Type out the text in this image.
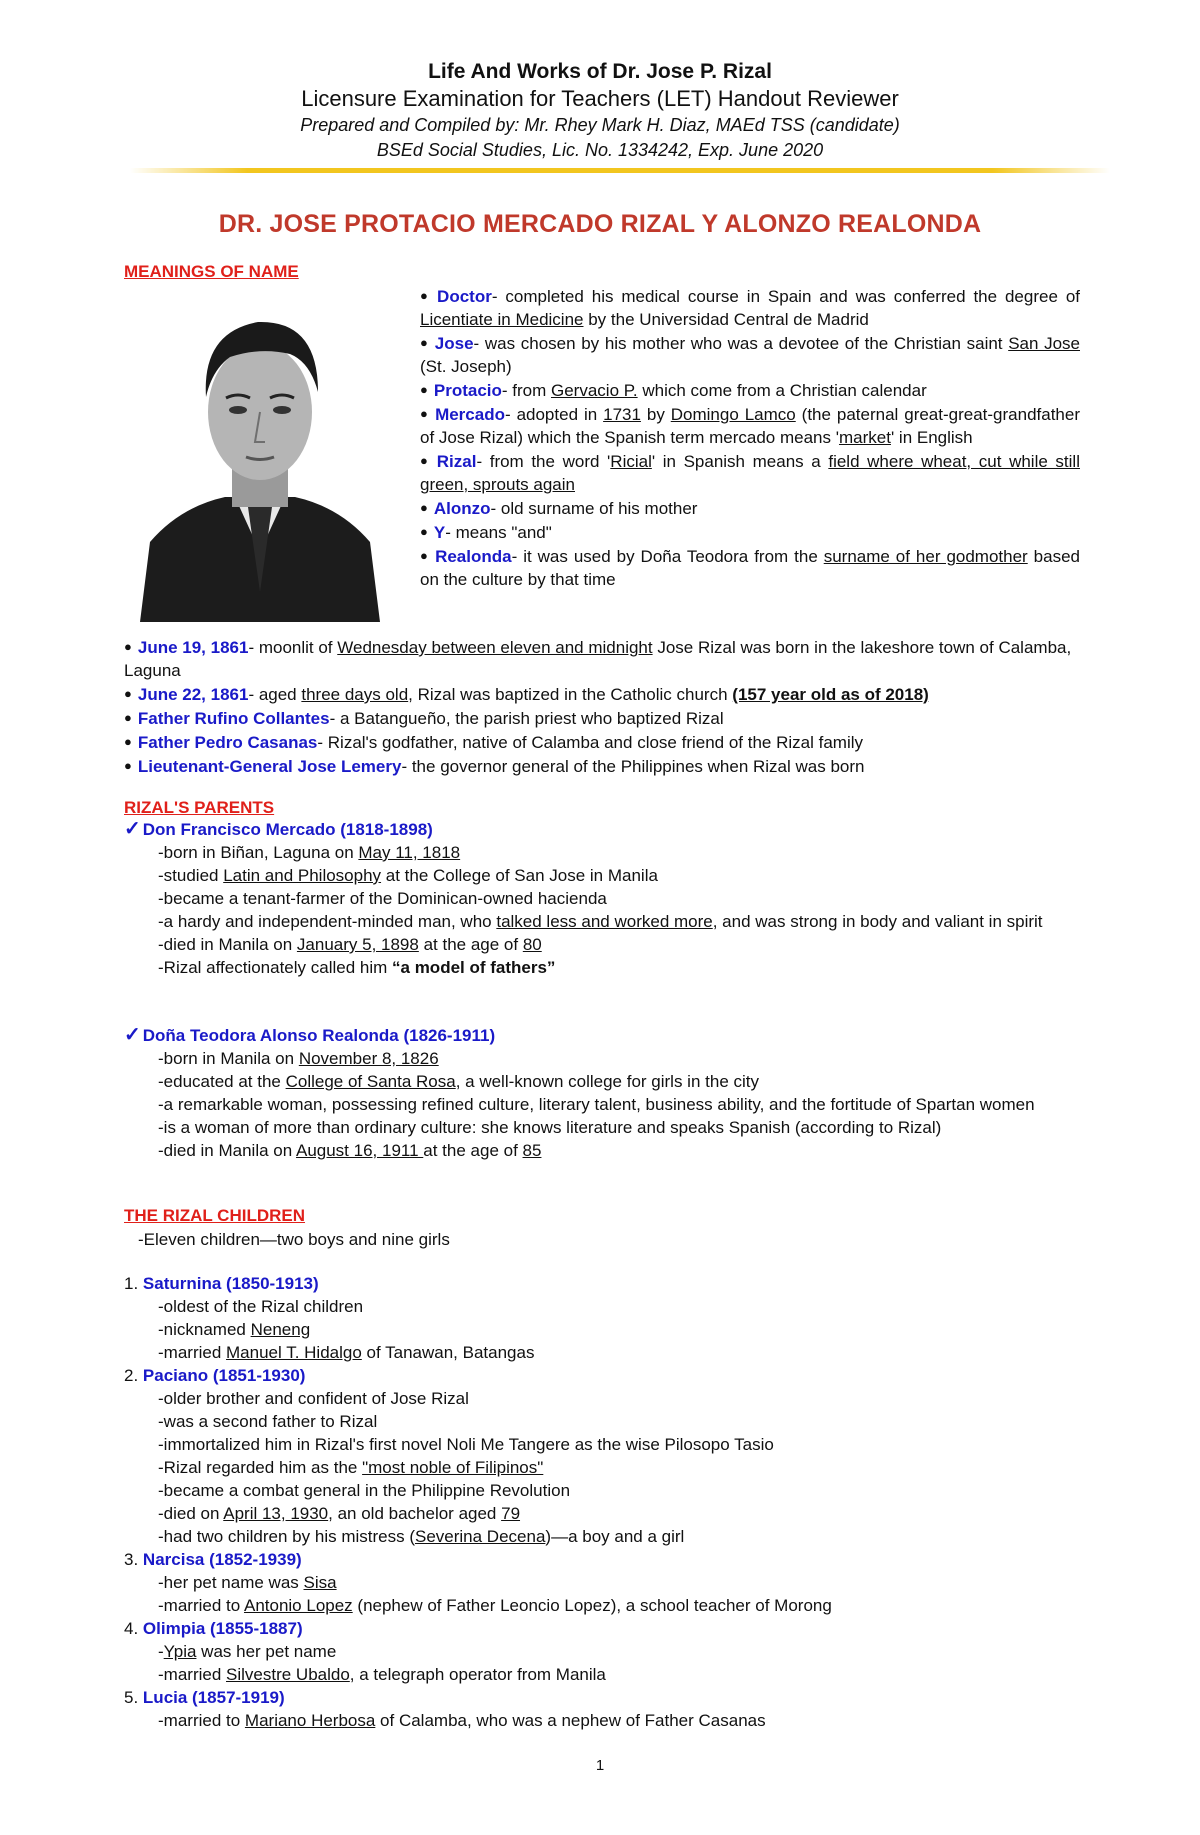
Life And Works of Dr. Jose P. Rizal
Licensure Examination for Teachers (LET) Handout Reviewer
Prepared and Compiled by: Mr. Rhey Mark H. Diaz, MAEd TSS (candidate)
BSEd Social Studies, Lic. No. 1334242, Exp. June 2020
DR. JOSE PROTACIO MERCADO RIZAL Y ALONZO REALONDA
MEANINGS OF NAME

● Doctor- completed his medical course in Spain and was conferred the degree of Licentiate in Medicine by the Universidad Central de Madrid

● Jose- was chosen by his mother who was a devotee of the Christian saint San Jose (St. Joseph)

● Protacio- from Gervacio P. which come from a Christian calendar

● Mercado- adopted in 1731 by Domingo Lamco (the paternal great-great-grandfather of Jose Rizal) which the Spanish term mercado means 'market' in English

● Rizal- from the word 'Ricial' in Spanish means a field where wheat, cut while still green, sprouts again

● Alonzo- old surname of his mother

● Y- means "and"

● Realonda- it was used by Doña Teodora from the surname of her godmother based on the culture by that time

● June 19, 1861- moonlit of Wednesday between eleven and midnight Jose Rizal was born in the lakeshore town of Calamba, Laguna

● June 22, 1861- aged three days old, Rizal was baptized in the Catholic church (157 year old as of 2018)

● Father Rufino Collantes- a Batangueño, the parish priest who baptized Rizal

● Father Pedro Casanas- Rizal's godfather, native of Calamba and close friend of the Rizal family

● Lieutenant-General Jose Lemery- the governor general of the Philippines when Rizal was born

RIZAL'S PARENTS

✓ Don Francisco Mercado (1818-1898)

-born in Biñan, Laguna on May 11, 1818

-studied Latin and Philosophy at the College of San Jose in Manila

-became a tenant-farmer of the Dominican-owned hacienda

-a hardy and independent-minded man, who talked less and worked more, and was strong in body and valiant in spirit

-died in Manila on January 5, 1898 at the age of 80

-Rizal affectionately called him “a model of fathers”

✓ Doña Teodora Alonso Realonda (1826-1911)

-born in Manila on November 8, 1826

-educated at the College of Santa Rosa, a well-known college for girls in the city

-a remarkable woman, possessing refined culture, literary talent, business ability, and the fortitude of Spartan women

-is a woman of more than ordinary culture: she knows literature and speaks Spanish (according to Rizal)

-died in Manila on August 16, 1911 at the age of 85

THE RIZAL CHILDREN
-Eleven children—two boys and nine girls

1. Saturnina (1850-1913)

-oldest of the Rizal children

-nicknamed Neneng

-married Manuel T. Hidalgo of Tanawan, Batangas

2. Paciano (1851-1930)

-older brother and confident of Jose Rizal

-was a second father to Rizal

-immortalized him in Rizal's first novel Noli Me Tangere as the wise Pilosopo Tasio

-Rizal regarded him as the "most noble of Filipinos"

-became a combat general in the Philippine Revolution

-died on April 13, 1930, an old bachelor aged 79

-had two children by his mistress (Severina Decena)—a boy and a girl

3. Narcisa (1852-1939)

-her pet name was Sisa

-married to Antonio Lopez (nephew of Father Leoncio Lopez), a school teacher of Morong

4. Olimpia (1855-1887)

-Ypia was her pet name

-married Silvestre Ubaldo, a telegraph operator from Manila

5. Lucia (1857-1919)

-married to Mariano Herbosa of Calamba, who was a nephew of Father Casanas

1
